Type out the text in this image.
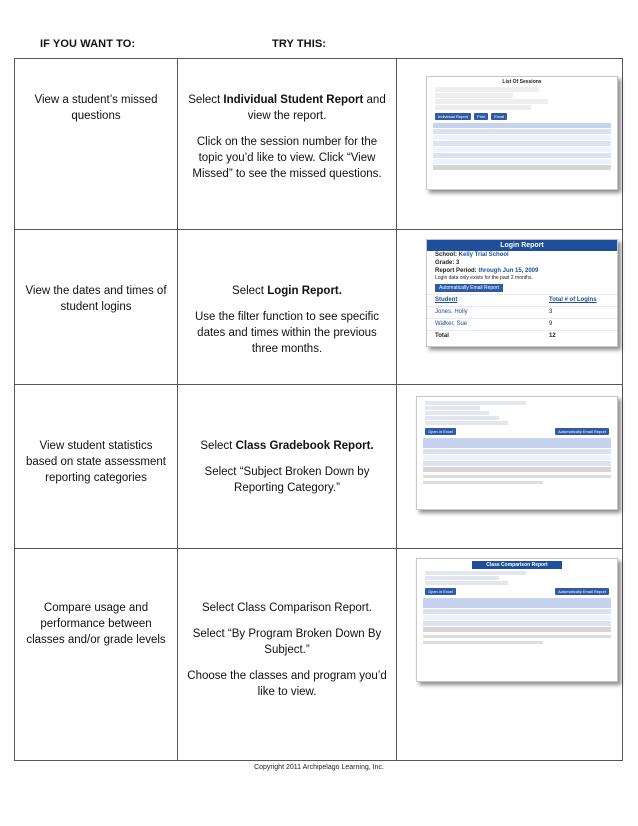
IF YOU WANT TO:	TRY THIS:
View a student’s missed questions	Select Individual Student Report and view the report.

Click on the session number for the topic you’d like to view. Click “View Missed” to see the missed questions.	

View the dates and times of student logins	Select Login Report.

Use the filter function to see specific dates and times within the previous three months.	

View student statistics based on state assessment reporting categories	Select Class Gradebook Report.

Select “Subject Broken Down by Reporting Category.”	

Compare usage and performance between classes and/or grade levels	Select Class Comparison Report.

Select “By Program Broken Down By Subject.”

Choose the classes and program you’d like to view.	

List Of Sessions
Individual Report	Print	Email
Login Report
School: Kelly Trial School
Grade: 3
Report Period: through Jun 15, 2009
Login data only exists for the past 2 months.
Automatically Email Report
Student	Total # of Logins
Jones, Holly	3
Walker, Sue	9
Total	12
Open in Excel	Automatically Email Report
Class Comparison Report
Open in Excel	Automatically Email Report
Copyright 2011 Archipelago Learning, Inc.
